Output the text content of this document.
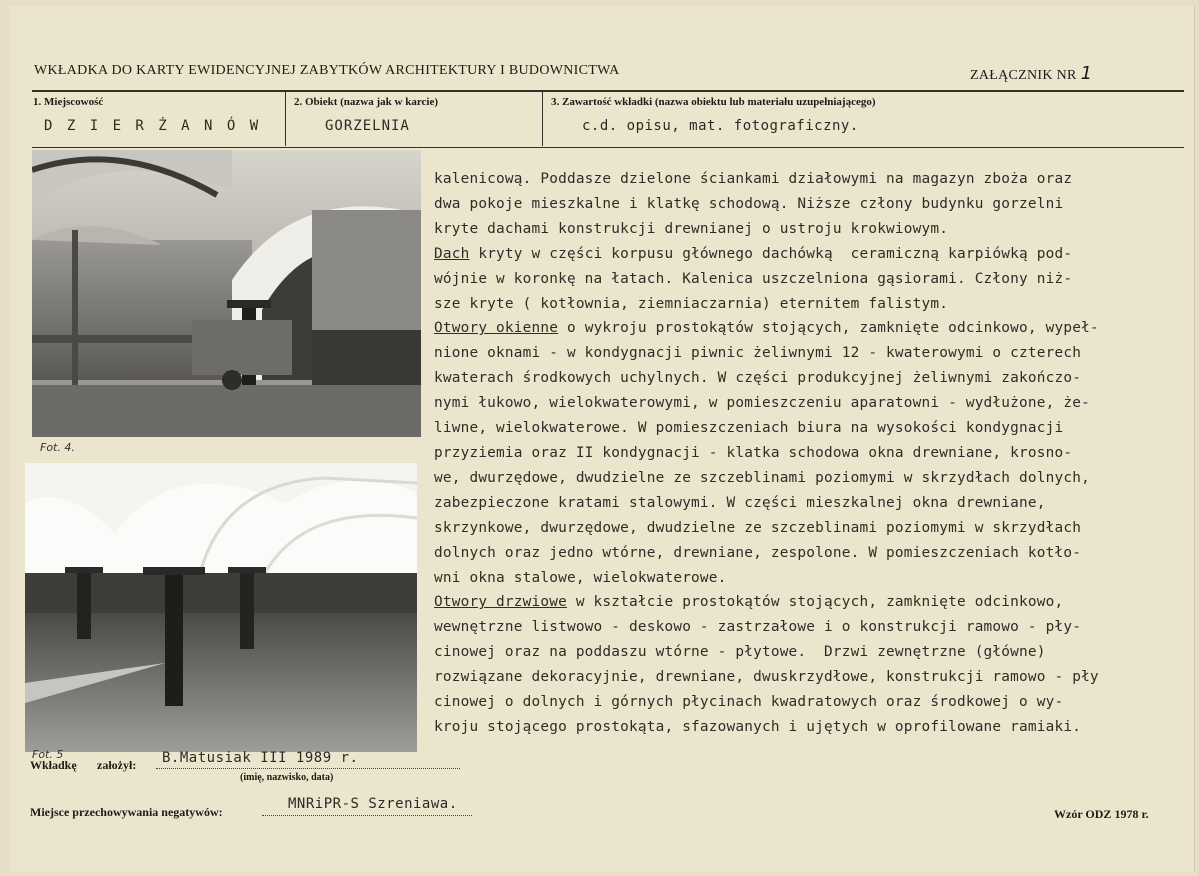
WKŁADKA DO KARTY EWIDENCYJNEJ ZABYTKÓW ARCHITEKTURY I BUDOWNICTWA	ZAŁĄCZNIK NR 1
1. Miejscowość
D Z I E R Ż A N Ó W
2. Obiekt (nazwa jak w karcie)
GORZELNIA
3. Zawartość wkładki (nazwa obiektu lub materiału uzupełniającego)
c.d. opisu, mat. fotograficzny.
Fot. 4.
Fot. 5
kalenicową. Poddasze dzielone ściankami działowymi na magazyn zboża oraz
dwa pokoje mieszkalne i klatkę schodową. Niższe człony budynku gorzelni
kryte dachami konstrukcji drewnianej o ustroju krokwiowym.
Dach kryty w części korpusu głównego dachówką  ceramiczną karpiówką pod-
wójnie w koronkę na łatach. Kalenica uszczelniona gąsiorami. Człony niż-
sze kryte ( kotłownia, ziemniaczarnia) eternitem falistym.
Otwory okienne o wykroju prostokątów stojących, zamknięte odcinkowo, wypeł-
nione oknami - w kondygnacji piwnic żeliwnymi 12 - kwaterowymi o czterech
kwaterach środkowych uchylnych. W części produkcyjnej żeliwnymi zakończo-
nymi łukowo, wielokwaterowymi, w pomieszczeniu aparatowni - wydłużone, że-
liwne, wielokwaterowe. W pomieszczeniach biura na wysokości kondygnacji
przyziemia oraz II kondygnacji - klatka schodowa okna drewniane, krosno-
we, dwurzędowe, dwudzielne ze szczeblinami poziomymi w skrzydłach dolnych,
zabezpieczone kratami stalowymi. W części mieszkalnej okna drewniane,
skrzynkowe, dwurzędowe, dwudzielne ze szczeblinami poziomymi w skrzydłach
dolnych oraz jedno wtórne, drewniane, zespolone. W pomieszczeniach kotło-
wni okna stalowe, wielokwaterowe.
Otwory drzwiowe w kształcie prostokątów stojących, zamknięte odcinkowo,
wewnętrzne listwowo - deskowo - zastrzałowe i o konstrukcji ramowo - pły-
cinowej oraz na poddaszu wtórne - płytowe.  Drzwi zewnętrzne (główne)
rozwiązane dekoracyjnie, drewniane, dwuskrzydłowe, konstrukcji ramowo - pły
cinowej o dolnych i górnych płycinach kwadratowych oraz środkowej o wy-
kroju stojącego prostokąta, sfazowanych i ujętych w oprofilowane ramiaki.
Wkładkę założył: B.Matusiak III 1989 r.
(imię, nazwisko, data)
Miejsce przechowywania negatywów:	MNRiPR-S Szreniawa.
Wzór ODZ 1978 r.
